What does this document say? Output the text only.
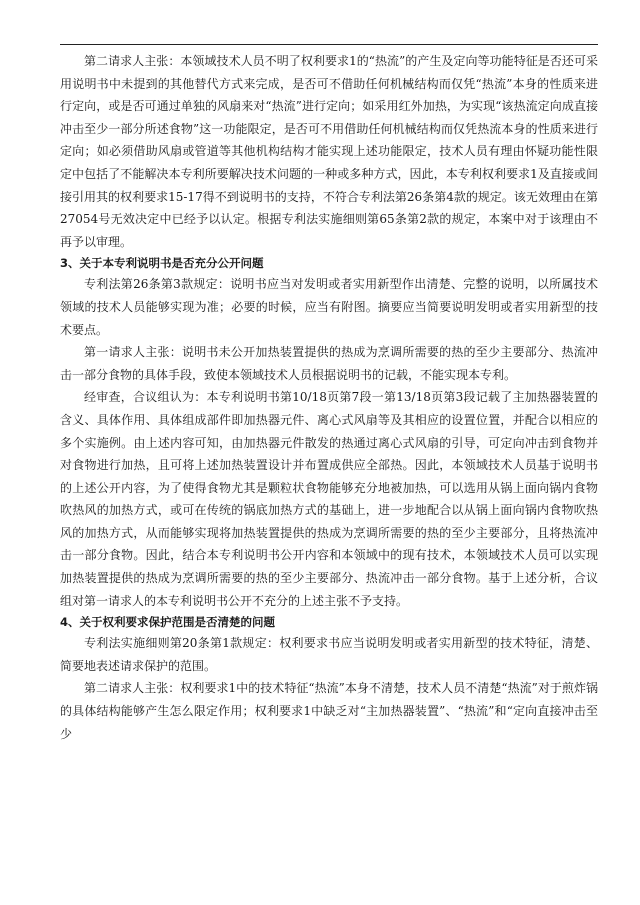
第二请求人主张：本领域技术人员不明了权利要求1的“热流”的产生及定向等功能特征是否还可采用说明书中未提到的其他替代方式来完成，是否可不借助任何机械结构而仅凭“热流”本身的性质来进行定向，或是否可通过单独的风扇来对“热流”进行定向；如采用红外加热，为实现“该热流定向成直接冲击至少一部分所述食物”这一功能限定，是否可不用借助任何机械结构而仅凭热流本身的性质来进行定向；如必须借助风扇或管道等其他机构结构才能实现上述功能限定，技术人员有理由怀疑功能性限定中包括了不能解决本专利所要解决技术问题的一种或多种方式，因此，本专利权利要求1及直接或间接引用其的权利要求15-17得不到说明书的支持，不符合专利法第26条第4款的规定。该无效理由在第27054号无效决定中已经予以认定。根据专利法实施细则第65条第2款的规定，本案中对于该理由不再予以审理。

3、关于本专利说明书是否充分公开问题

专利法第26条第3款规定：说明书应当对发明或者实用新型作出清楚、完整的说明，以所属技术领域的技术人员能够实现为准；必要的时候，应当有附图。摘要应当简要说明发明或者实用新型的技术要点。

第一请求人主张：说明书未公开加热装置提供的热成为烹调所需要的热的至少主要部分、热流冲击一部分食物的具体手段，致使本领域技术人员根据说明书的记载，不能实现本专利。

经审查，合议组认为：本专利说明书第10/18页第7段一第13/18页第3段记载了主加热器装置的含义、具体作用、具体组成部件即加热器元件、离心式风扇等及其相应的设置位置，并配合以相应的多个实施例。由上述内容可知，由加热器元件散发的热通过离心式风扇的引导，可定向冲击到食物并对食物进行加热，且可将上述加热装置设计并布置成供应全部热。因此，本领域技术人员基于说明书的上述公开内容，为了使得食物尤其是颗粒状食物能够充分地被加热，可以选用从锅上面向锅内食物吹热风的加热方式，或可在传统的锅底加热方式的基础上，进一步地配合以从锅上面向锅内食物吹热风的加热方式，从而能够实现将加热装置提供的热成为烹调所需要的热的至少主要部分，且将热流冲击一部分食物。因此，结合本专利说明书公开内容和本领域中的现有技术，本领域技术人员可以实现加热装置提供的热成为烹调所需要的热的至少主要部分、热流冲击一部分食物。基于上述分析，合议组对第一请求人的本专利说明书公开不充分的上述主张不予支持。

4、关于权利要求保护范围是否清楚的问题

专利法实施细则第20条第1款规定：权利要求书应当说明发明或者实用新型的技术特征，清楚、简要地表述请求保护的范围。

第二请求人主张：权利要求1中的技术特征“热流”本身不清楚，技术人员不清楚“热流”对于煎炸锅的具体结构能够产生怎么限定作用；权利要求1中缺乏对“主加热器装置”、“热流”和“定向直接冲击至少
